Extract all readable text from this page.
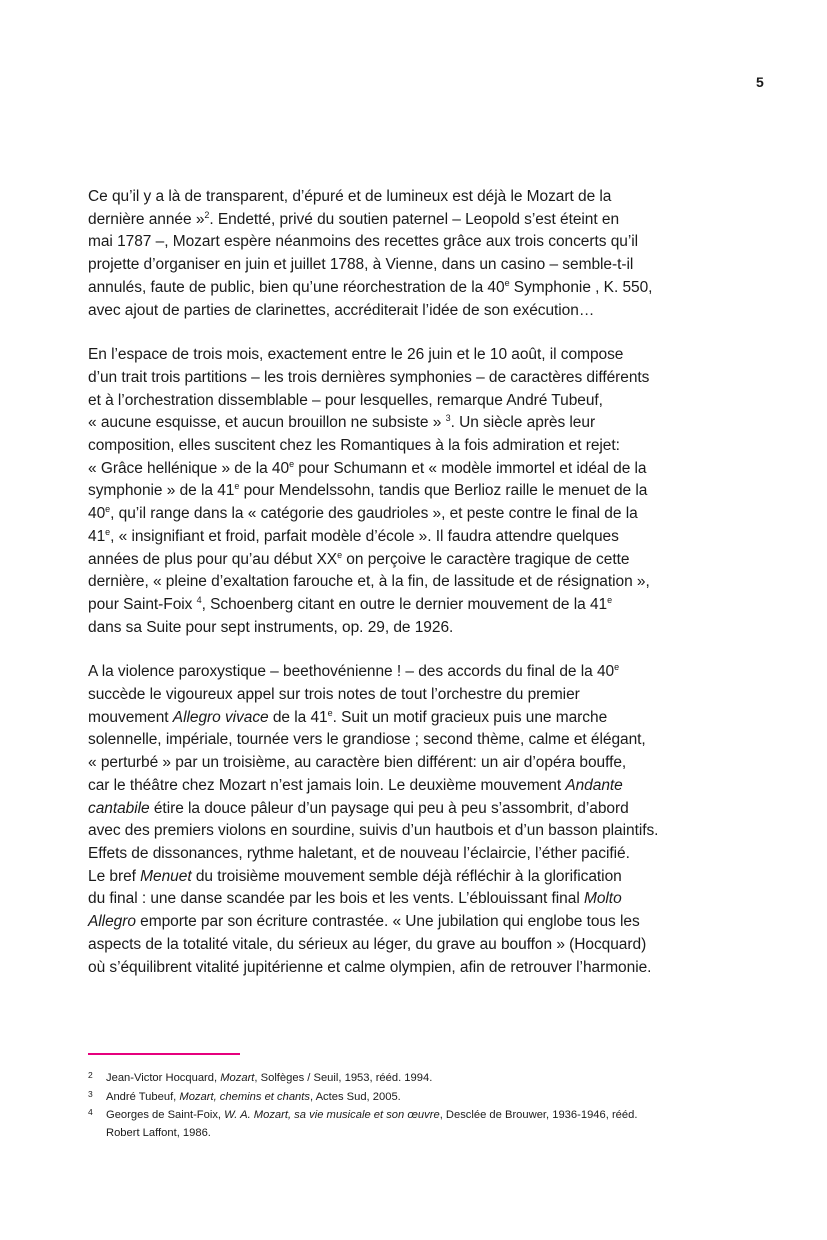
5

Ce qu’il y a là de transparent, d’épuré et de lumineux est déjà le Mozart de la
dernière année »$^2$. Endetté, privé du soutien paternel – Leopold s’est éteint en
mai 1787 –, Mozart espère néanmoins des recettes grâce aux trois concerts qu’il
projette d’organiser en juin et juillet 1788, à Vienne, dans un casino – semble-t-il
annulés, faute de public, bien qu’une réorchestration de la 40e Symphonie , K. 550,
avec ajout de parties de clarinettes, accréditerait l’idée de son exécution…

En l’espace de trois mois, exactement entre le 26 juin et le 10 août, il compose
d’un trait trois partitions – les trois dernières symphonies – de caractères différents
et à l’orchestration dissemblable – pour lesquelles, remarque André Tubeuf,
« aucune esquisse, et aucun brouillon ne subsiste » $^3$. Un siècle après leur
composition, elles suscitent chez les Romantiques à la fois admiration et rejet:
« Grâce hellénique » de la 40e pour Schumann et « modèle immortel et idéal de la
symphonie » de la 41e pour Mendelssohn, tandis que Berlioz raille le menuet de la
40e, qu’il range dans la « catégorie des gaudrioles », et peste contre le final de la
41e, « insignifiant et froid, parfait modèle d’école ». Il faudra attendre quelques
années de plus pour qu’au début XXe on perçoive le caractère tragique de cette
dernière, « pleine d’exaltation farouche et, à la fin, de lassitude et de résignation »,
pour Saint-Foix $^4$, Schoenberg citant en outre le dernier mouvement de la 41e
dans sa Suite pour sept instruments, op. 29, de 1926.

A la violence paroxystique – beethovénienne ! – des accords du final de la 40e
succède le vigoureux appel sur trois notes de tout l’orchestre du premier
mouvement Allegro vivace de la 41e. Suit un motif gracieux puis une marche
solennelle, impériale, tournée vers le grandiose ; second thème, calme et élégant,
« perturbé » par un troisième, au caractère bien différent: un air d’opéra bouffe,
car le théâtre chez Mozart n’est jamais loin. Le deuxième mouvement Andante
cantabile étire la douce pâleur d’un paysage qui peu à peu s’assombrit, d’abord
avec des premiers violons en sourdine, suivis d’un hautbois et d’un basson plaintifs.
Effets de dissonances, rythme haletant, et de nouveau l’éclaircie, l’éther pacifié.
Le bref Menuet du troisième mouvement semble déjà réfléchir à la glorification
du final : une danse scandée par les bois et les vents. L’éblouissant final Molto
Allegro emporte par son écriture contrastée. « Une jubilation qui englobe tous les
aspects de la totalité vitale, du sérieux au léger, du grave au bouffon » (Hocquard)
où s’équilibrent vitalité jupitérienne et calme olympien, afin de retrouver l’harmonie.

2 Jean-Victor Hocquard, Mozart, Solfèges / Seuil, 1953, rééd. 1994.
3 André Tubeuf, Mozart, chemins et chants, Actes Sud, 2005.
4 Georges de Saint-Foix, W. A. Mozart, sa vie musicale et son œuvre, Desclée de Brouwer, 1936-1946, rééd.
Robert Laffont, 1986.
